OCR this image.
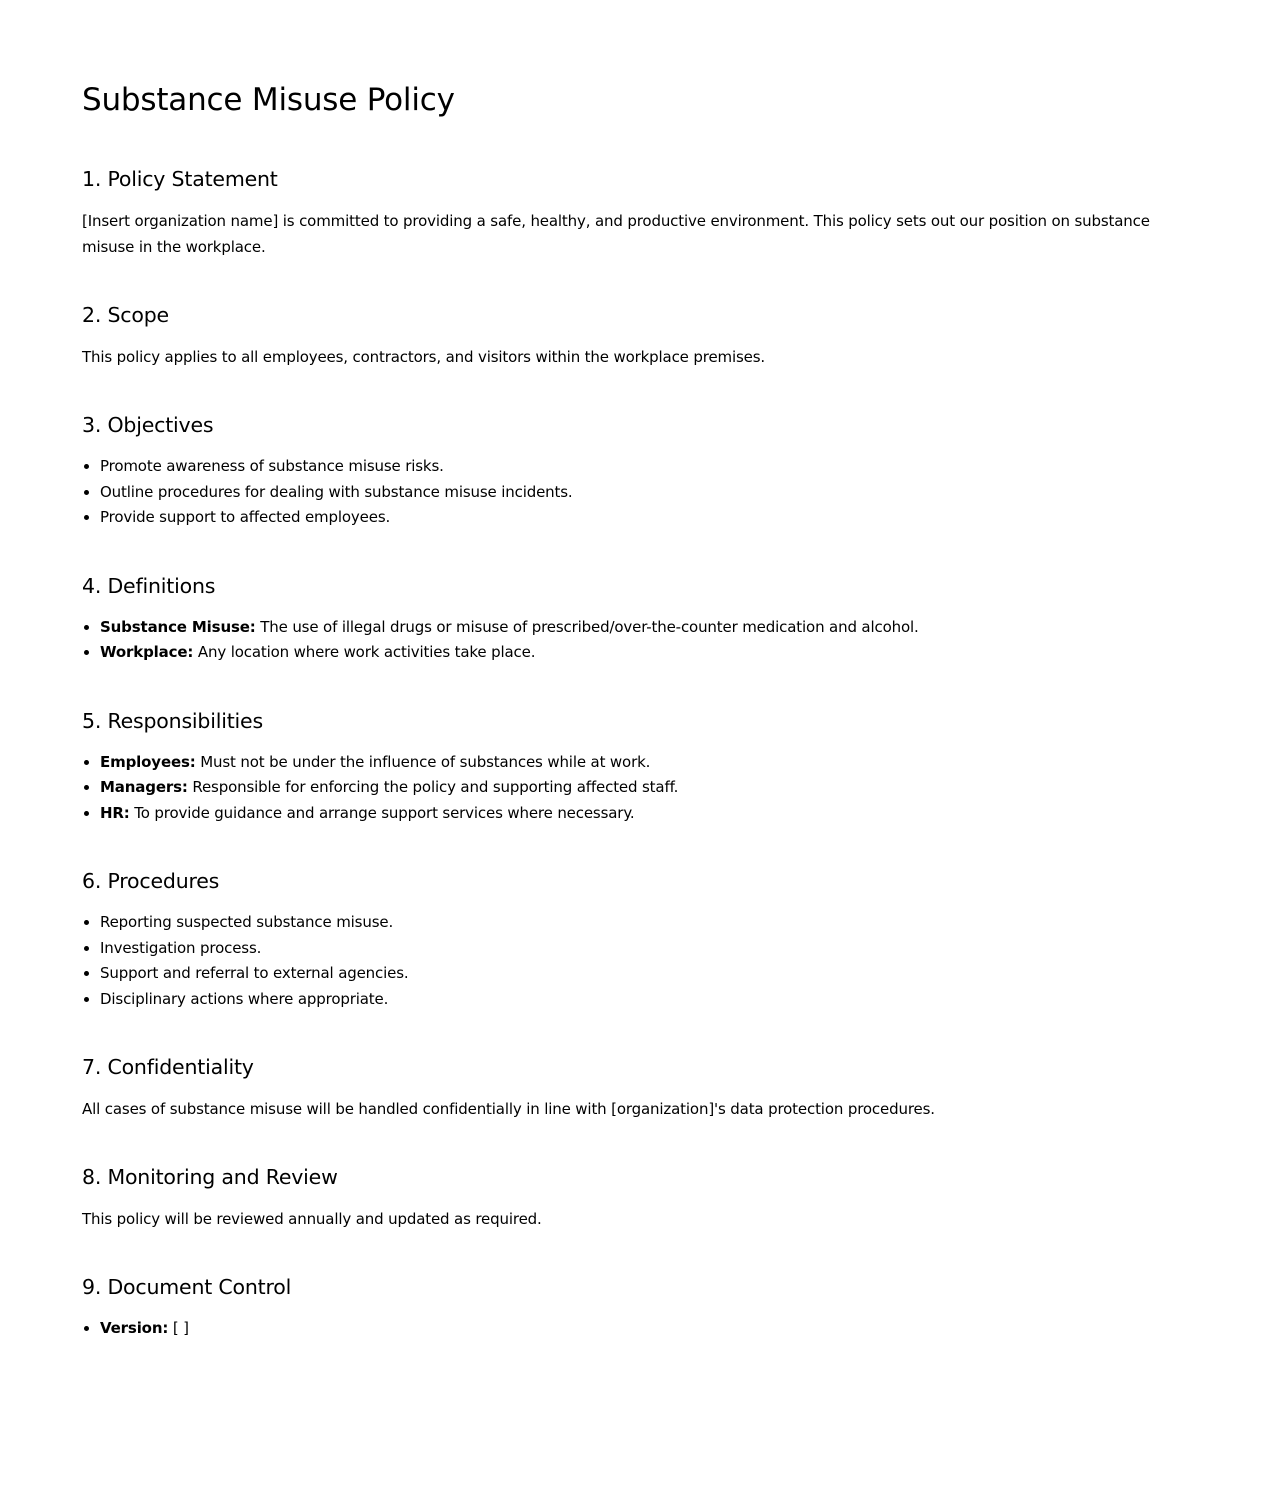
Substance Misuse Policy
1. Policy Statement

[Insert organization name] is committed to providing a safe, healthy, and productive environment. This policy sets out our position on substance misuse in the workplace.

2. Scope

This policy applies to all employees, contractors, and visitors within the workplace premises.

3. Objectives
• Promote awareness of substance misuse risks.
• Outline procedures for dealing with substance misuse incidents.
• Provide support to affected employees.
4. Definitions
• Substance Misuse: The use of illegal drugs or misuse of prescribed/over-the-counter medication and alcohol.
• Workplace: Any location where work activities take place.
5. Responsibilities
• Employees: Must not be under the influence of substances while at work.
• Managers: Responsible for enforcing the policy and supporting affected staff.
• HR: To provide guidance and arrange support services where necessary.
6. Procedures
• Reporting suspected substance misuse.
• Investigation process.
• Support and referral to external agencies.
• Disciplinary actions where appropriate.
7. Confidentiality

All cases of substance misuse will be handled confidentially in line with [organization]'s data protection procedures.

8. Monitoring and Review

This policy will be reviewed annually and updated as required.

9. Document Control
• Version: [ ]
